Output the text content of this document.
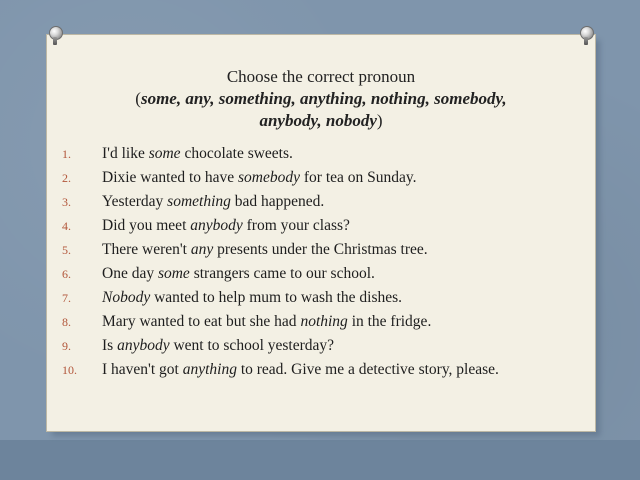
Choose the correct pronoun
(some, any, something, anything, nothing, somebody,
anybody, nobody)
1.	I'd like some chocolate sweets.
2.	Dixie wanted to have somebody for tea on Sunday.
3.	Yesterday something bad happened.
4.	Did you meet anybody from your class?
5.	There weren't any presents under the Christmas tree.
6.	One day some strangers came to our school.
7.	Nobody wanted to help mum to wash the dishes.
8.	Mary wanted to eat but she had nothing in the fridge.
9.	Is anybody went to school yesterday?
10.	I haven't got anything to read. Give me a detective story, please.
